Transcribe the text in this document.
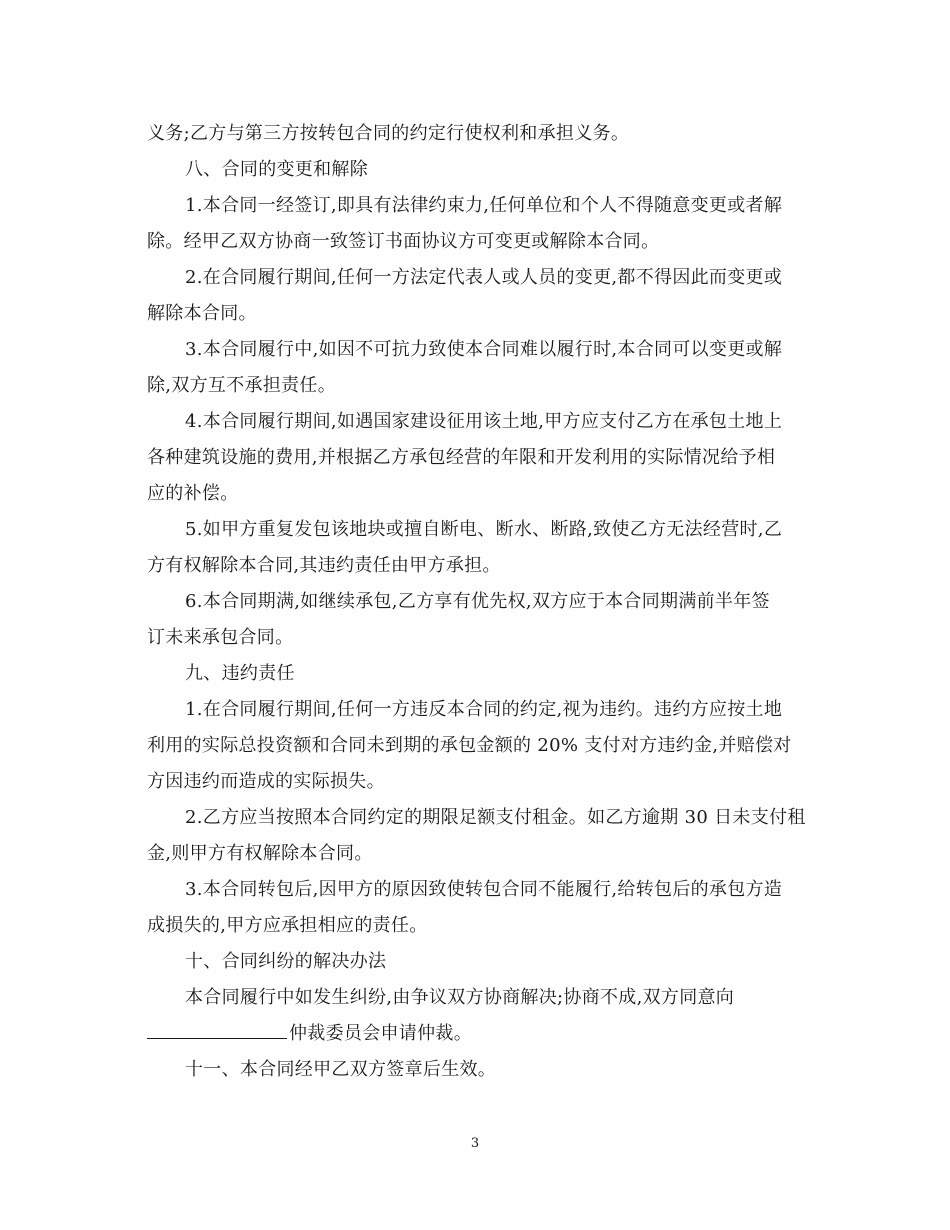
义务;乙方与第三方按转包合同的约定行使权利和承担义务。
八、合同的变更和解除
1.本合同一经签订,即具有法律约束力,任何单位和个人不得随意变更或者解
除。经甲乙双方协商一致签订书面协议方可变更或解除本合同。
2.在合同履行期间,任何一方法定代表人或人员的变更,都不得因此而变更或
解除本合同。
3.本合同履行中,如因不可抗力致使本合同难以履行时,本合同可以变更或解
除,双方互不承担责任。
4.本合同履行期间,如遇国家建设征用该土地,甲方应支付乙方在承包土地上
各种建筑设施的费用,并根据乙方承包经营的年限和开发利用的实际情况给予相
应的补偿。
5.如甲方重复发包该地块或擅自断电、断水、断路,致使乙方无法经营时,乙
方有权解除本合同,其违约责任由甲方承担。
6.本合同期满,如继续承包,乙方享有优先权,双方应于本合同期满前半年签
订未来承包合同。
九、违约责任
1.在合同履行期间,任何一方违反本合同的约定,视为违约。违约方应按土地
利用的实际总投资额和合同未到期的承包金额的 20% 支付对方违约金,并赔偿对
方因违约而造成的实际损失。
2.乙方应当按照本合同约定的期限足额支付租金。如乙方逾期 30 日未支付租
金,则甲方有权解除本合同。
3.本合同转包后,因甲方的原因致使转包合同不能履行,给转包后的承包方造
成损失的,甲方应承担相应的责任。
十、合同纠纷的解决办法
本合同履行中如发生纠纷,由争议双方协商解决;协商不成,双方同意向
仲裁委员会申请仲裁。
十一、本合同经甲乙双方签章后生效。
3
